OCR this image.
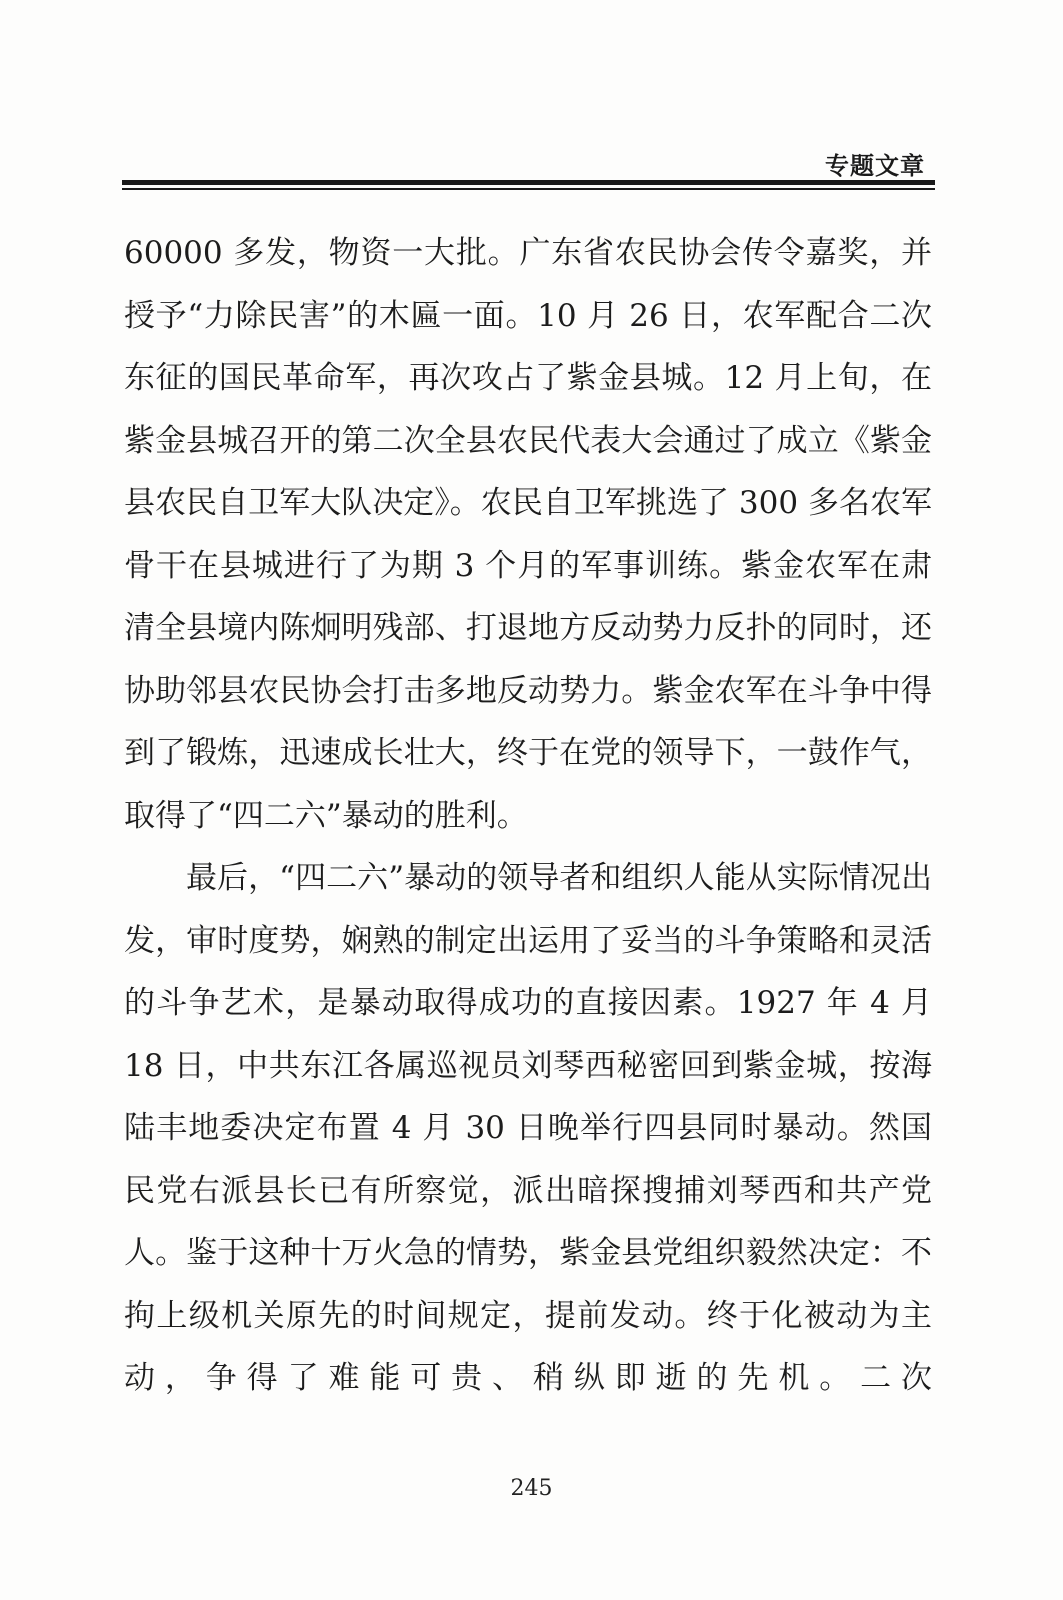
专题文章

60000 多发，物资一大批。广东省农民协会传令嘉奖，并授予“力除民害”的木匾一面。10 月 26 日，农军配合二次东征的国民革命军，再次攻占了紫金县城。12 月上旬，在紫金县城召开的第二次全县农民代表大会通过了成立《紫金县农民自卫军大队决定》。农民自卫军挑选了 300 多名农军骨干在县城进行了为期 3 个月的军事训练。紫金农军在肃清全县境内陈炯明残部、打退地方反动势力反扑的同时，还协助邻县农民协会打击多地反动势力。紫金农军在斗争中得到了锻炼，迅速成长壮大，终于在党的领导下，一鼓作气，取得了“四二六”暴动的胜利。

最后，“四二六”暴动的领导者和组织人能从实际情况出发，审时度势，娴熟的制定出运用了妥当的斗争策略和灵活的斗争艺术，是暴动取得成功的直接因素。1927 年 4 月 18 日，中共东江各属巡视员刘琴西秘密回到紫金城，按海陆丰地委决定布置 4 月 30 日晚举行四县同时暴动。然国民党右派县长已有所察觉，派出暗探搜捕刘琴西和共产党人。鉴于这种十万火急的情势，紫金县党组织毅然决定：不拘上级机关原先的时间规定，提前发动。终于化被动为主动，争得了难能可贵、稍纵即逝的先机。二次

245
